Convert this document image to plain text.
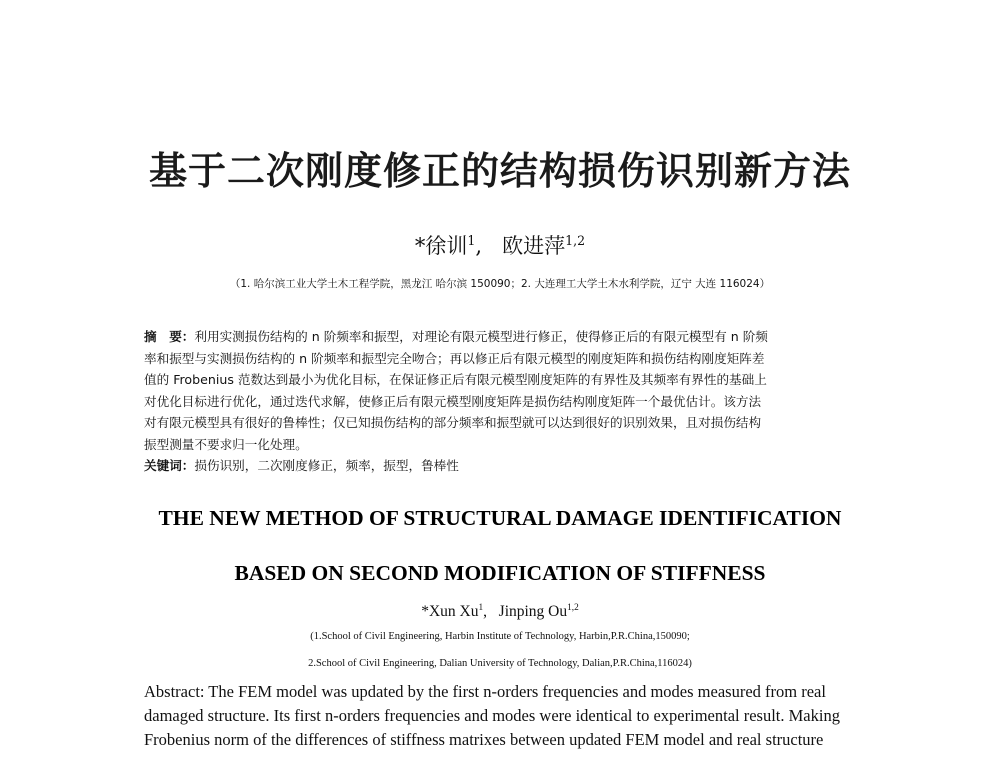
基于二次刚度修正的结构损伤识别新方法
*徐训$^1$, 欧进萍$^{1,2}$
（1. 哈尔滨工业大学土木工程学院，黑龙江 哈尔滨 150090；2. 大连理工大学土木水利学院，辽宁 大连 116024）

摘　要：利用实测损伤结构的 n 阶频率和振型，对理论有限元模型进行修正，使得修正后的有限元模型有 n 阶频

率和振型与实测损伤结构的 n 阶频率和振型完全吻合；再以修正后有限元模型的刚度矩阵和损伤结构刚度矩阵差

值的 Frobenius 范数达到最小为优化目标，在保证修正后有限元模型刚度矩阵的有界性及其频率有界性的基础上

对优化目标进行优化，通过迭代求解，使修正后有限元模型刚度矩阵是损伤结构刚度矩阵一个最优估计。该方法

对有限元模型具有很好的鲁棒性；仅已知损伤结构的部分频率和振型就可以达到很好的识别效果，且对损伤结构

振型测量不要求归一化处理。

关键词：损伤识别，二次刚度修正，频率，振型，鲁棒性

THE NEW METHOD OF STRUCTURAL DAMAGE IDENTIFICATION
BASED ON SECOND MODIFICATION OF STIFFNESS
*Xun Xu$^1$, Jinping Ou$^{1,2}$
(1.School of Civil Engineering, Harbin Institute of Technology, Harbin,P.R.China,150090;
2.School of Civil Engineering, Dalian University of Technology, Dalian,P.R.China,116024)

Abstract: The FEM model was updated by the first n-orders frequencies and modes measured from real

damaged structure. Its first n-orders frequencies and modes were identical to experimental result. Making

Frobenius norm of the differences of stiffness matrixes between updated FEM model and real structure
